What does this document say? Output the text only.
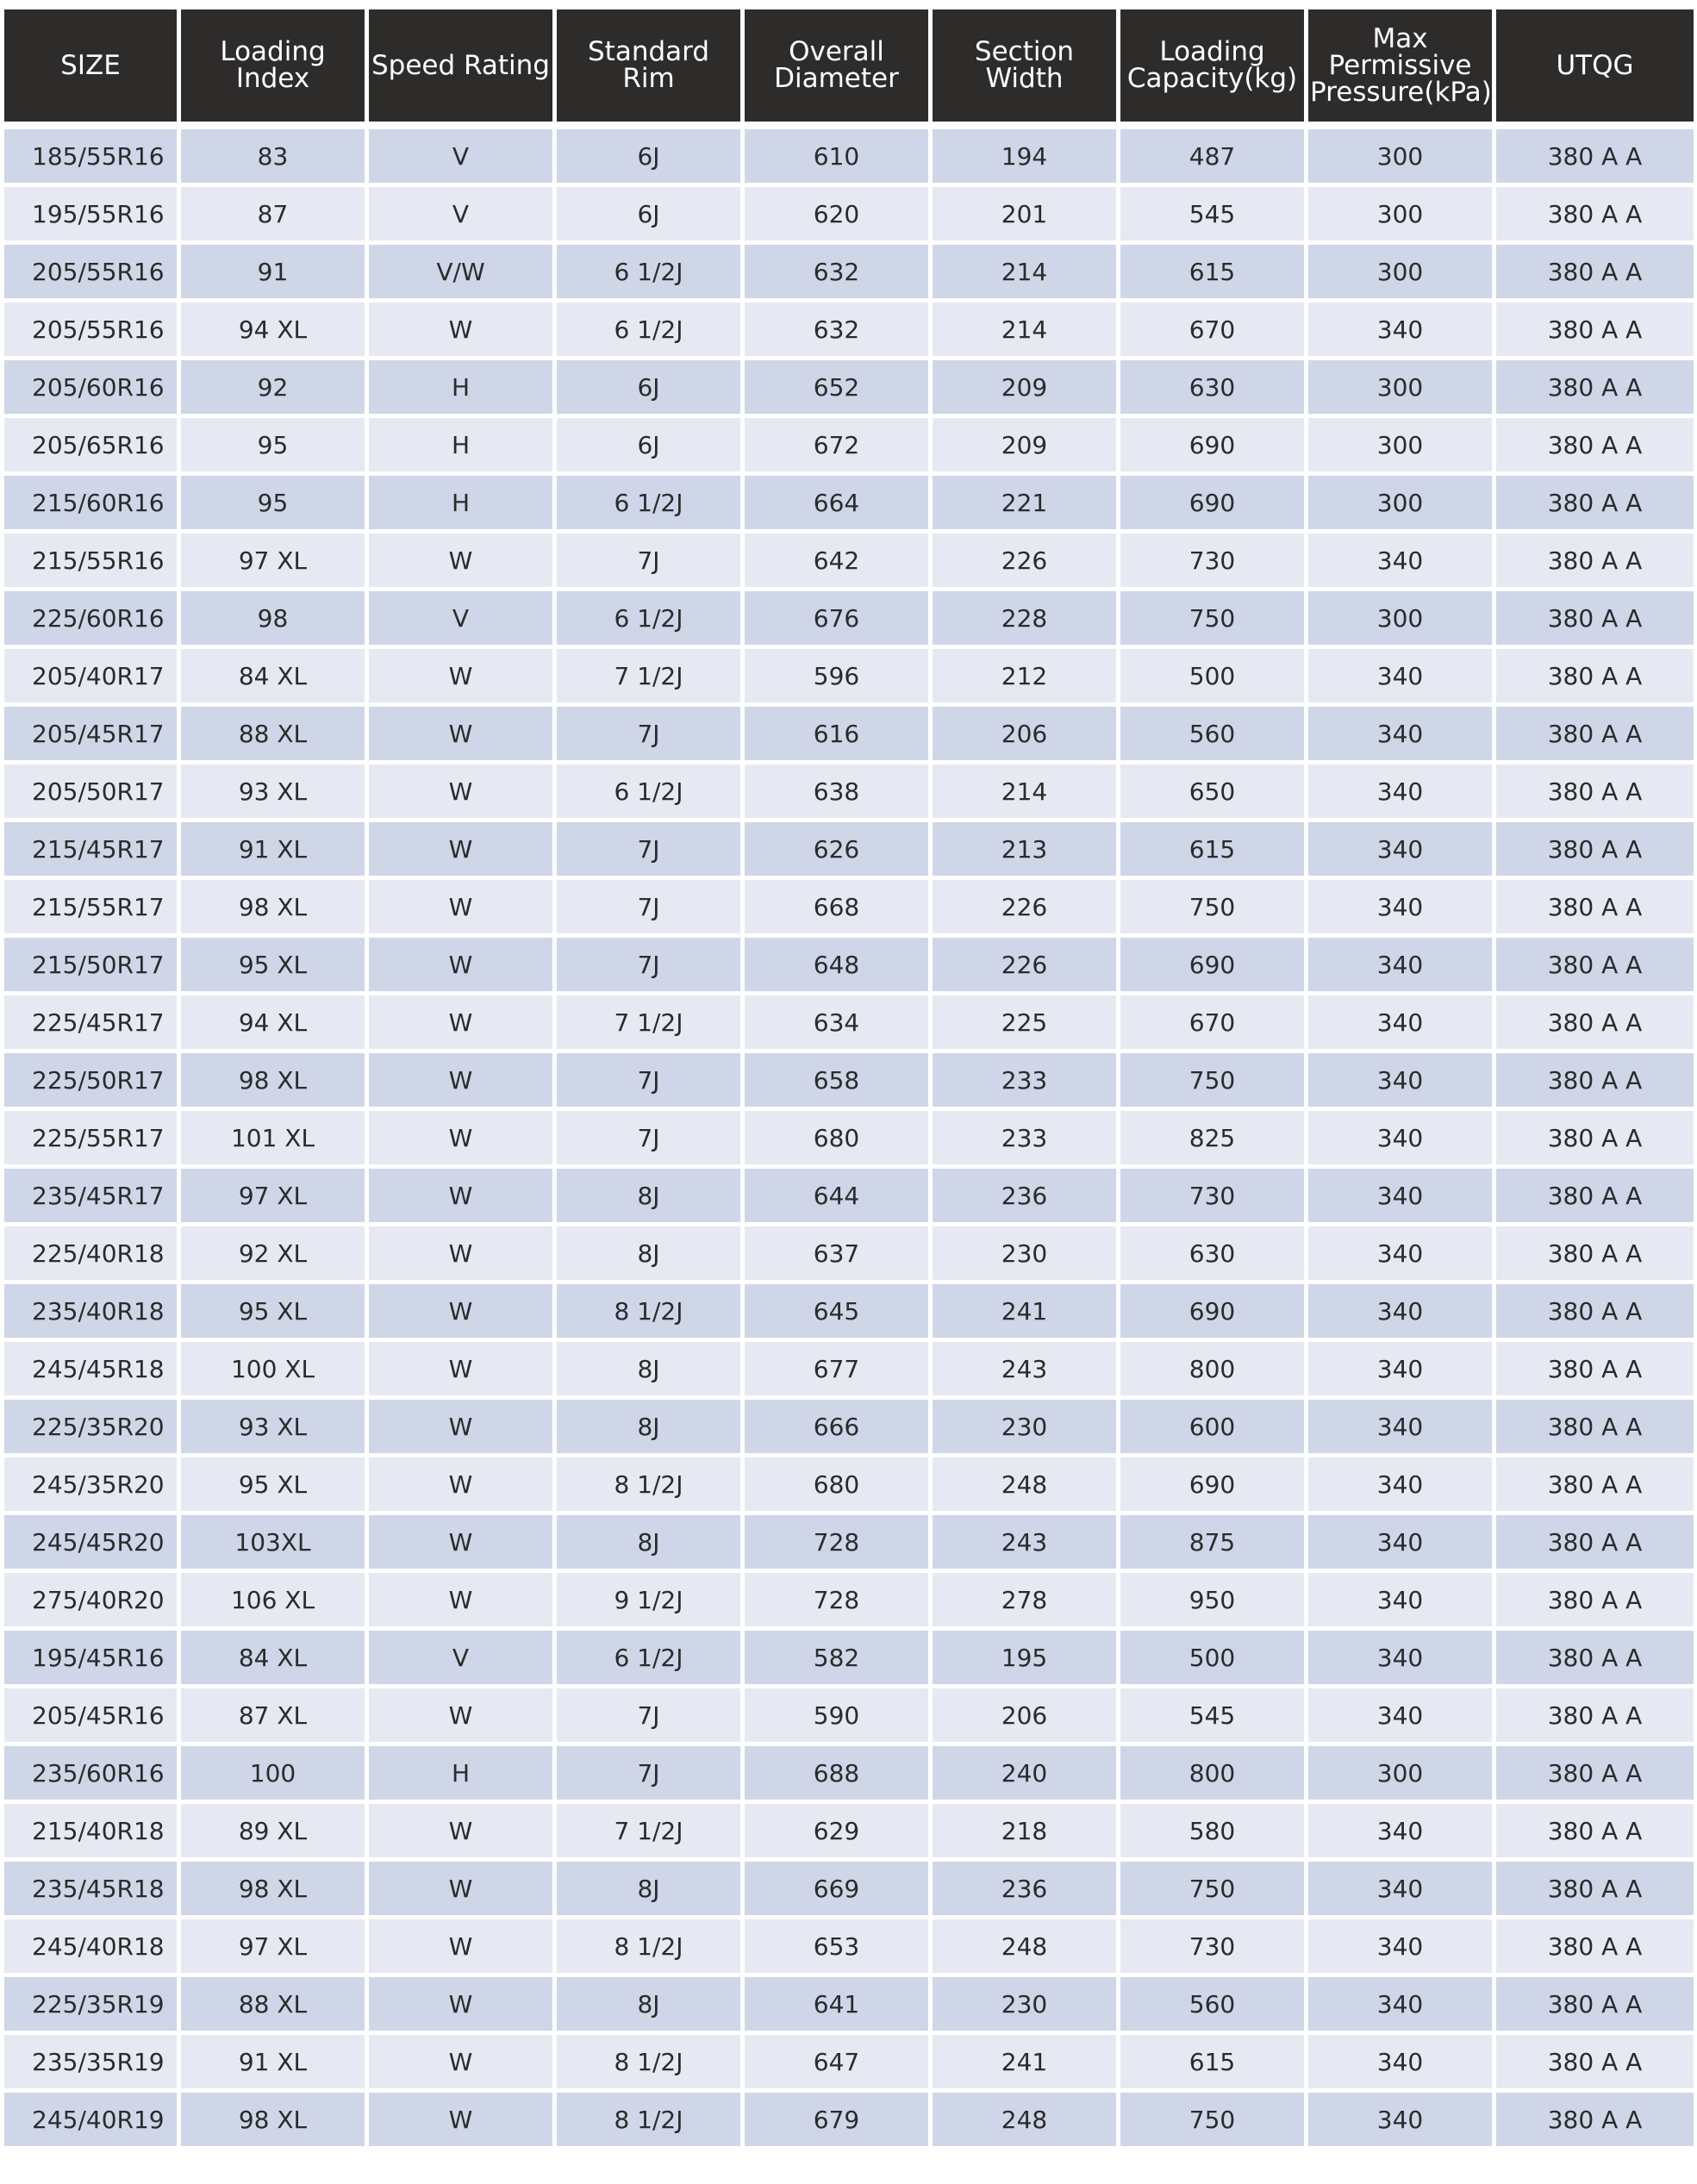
SIZE	Loading Index	Speed Rating	Standard Rim	Overall Diameter	Section Width	Loading Capacity(kg)	Max Permissive Pressure(kPa)	UTQG
185/55R16	83	V	6J	610	194	487	300	380 A A
195/55R16	87	V	6J	620	201	545	300	380 A A
205/55R16	91	V/W	6 1/2J	632	214	615	300	380 A A
205/55R16	94 XL	W	6 1/2J	632	214	670	340	380 A A
205/60R16	92	H	6J	652	209	630	300	380 A A
205/65R16	95	H	6J	672	209	690	300	380 A A
215/60R16	95	H	6 1/2J	664	221	690	300	380 A A
215/55R16	97 XL	W	7J	642	226	730	340	380 A A
225/60R16	98	V	6 1/2J	676	228	750	300	380 A A
205/40R17	84 XL	W	7 1/2J	596	212	500	340	380 A A
205/45R17	88 XL	W	7J	616	206	560	340	380 A A
205/50R17	93 XL	W	6 1/2J	638	214	650	340	380 A A
215/45R17	91 XL	W	7J	626	213	615	340	380 A A
215/55R17	98 XL	W	7J	668	226	750	340	380 A A
215/50R17	95 XL	W	7J	648	226	690	340	380 A A
225/45R17	94 XL	W	7 1/2J	634	225	670	340	380 A A
225/50R17	98 XL	W	7J	658	233	750	340	380 A A
225/55R17	101 XL	W	7J	680	233	825	340	380 A A
235/45R17	97 XL	W	8J	644	236	730	340	380 A A
225/40R18	92 XL	W	8J	637	230	630	340	380 A A
235/40R18	95 XL	W	8 1/2J	645	241	690	340	380 A A
245/45R18	100 XL	W	8J	677	243	800	340	380 A A
225/35R20	93 XL	W	8J	666	230	600	340	380 A A
245/35R20	95 XL	W	8 1/2J	680	248	690	340	380 A A
245/45R20	103XL	W	8J	728	243	875	340	380 A A
275/40R20	106 XL	W	9 1/2J	728	278	950	340	380 A A
195/45R16	84 XL	V	6 1/2J	582	195	500	340	380 A A
205/45R16	87 XL	W	7J	590	206	545	340	380 A A
235/60R16	100	H	7J	688	240	800	300	380 A A
215/40R18	89 XL	W	7 1/2J	629	218	580	340	380 A A
235/45R18	98 XL	W	8J	669	236	750	340	380 A A
245/40R18	97 XL	W	8 1/2J	653	248	730	340	380 A A
225/35R19	88 XL	W	8J	641	230	560	340	380 A A
235/35R19	91 XL	W	8 1/2J	647	241	615	340	380 A A
245/40R19	98 XL	W	8 1/2J	679	248	750	340	380 A A
